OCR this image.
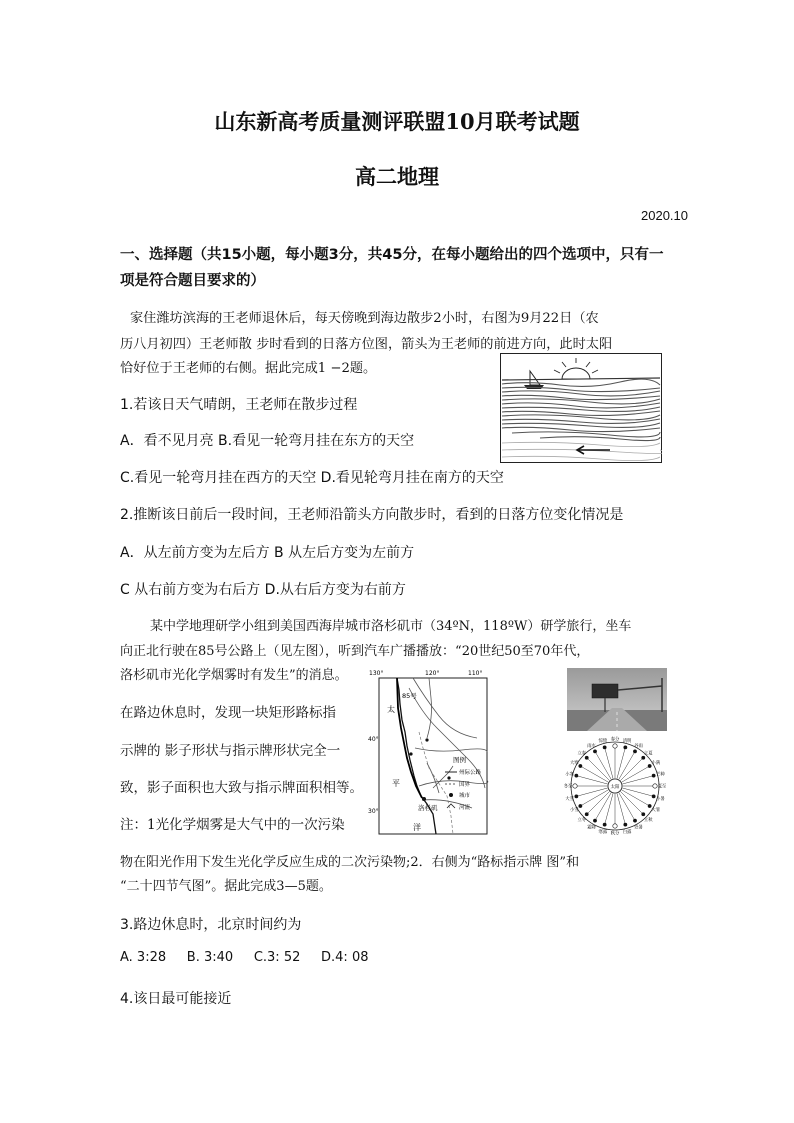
山东新高考质量测评联盟10月联考试题
高二地理
2020.10
一、选择题（共15小题，每小题3分，共45分，在每小题给出的四个选项中，只有一
项是符合题目要求的）
家住潍坊滨海的王老师退休后，每天傍晚到海边散步2小时，右图为9月22日（农
历八月初四）王老师散 步时看到的日落方位图，箭头为王老师的前进方向，此时太阳
恰好位于王老师的右侧。据此完成1 −2题。
1.若该日天气晴朗，王老师在散步过程
A．看不见月亮 B.看见一轮弯月挂在东方的天空
C.看见一轮弯月挂在西方的天空 D.看见轮弯月挂在南方的天空
2.推断该日前后一段时间，王老师沿箭头方向散步时，看到的日落方位变化情况是
A．从左前方变为左后方 B 从左后方变为左前方
C 从右前方变为右后方 D.从右后方变为右前方
某中学地理研学小组到美国西海岸城市洛杉矶市（34ºN，118ºW）研学旅行，坐车
向正北行驶在85号公路上（见左图），听到汽车广播播放：“20世纪50至70年代，
洛杉矶市光化学烟雾时有发生”的消息。
在路边休息时，发现一块矩形路标指
示牌的 影子形状与指示牌形状完全一
致，影子面积也大致与指示牌面积相等。
注：1光化学烟雾是大气中的一次污染
物在阳光作用下发生光化学反应生成的二次污染物;2．右侧为“路标指示牌 图”和
“二十四节气图”。据此完成3—5题。
130°	120°	110°
40°
30°
85号
太
平
洋
洛杉矶
图例
州际公路
国界
城市
河流
太阳
春分 清明
谷雨
立夏
小满
芒种
夏至
小暑
大暑
立秋
处暑
白露
秋分
寒露
霜降
立冬
小雪
大雪
冬至
小寒
大寒
立春
雨水
惊蛰
3.路边休息时，北京时间约为
A. 3:28     B. 3:40     C.3: 52     D.4: 08
4.该日最可能接近
